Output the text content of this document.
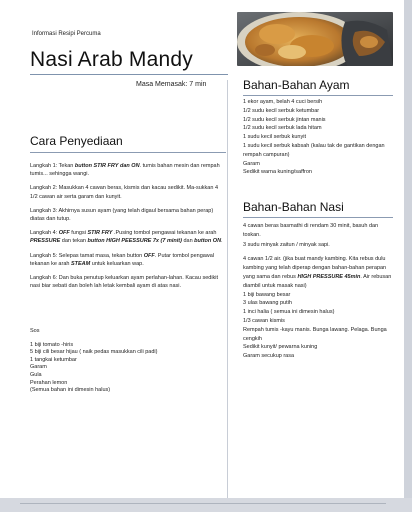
Informasi Resipi Percuma
Nasi Arab Mandy
Masa Memasak: 7 min
Cara Penyediaan

Langkah 1: Tekan button STIR FRY dan ON. tumis bahan mesin dan rempah tumis... sehingga wangi.

Langkah 2: Masukkan 4 cawan beras, kismis dan kacau sedikit. Ma-sukkan 4 1/2 cawan air serta garam dan kunyit.

Langkah 3: Akhirnya susun ayam (yang telah digaul bersama bahan perap) diatas dan tutup.

Langkah 4: OFF fungsi STIR FRY .Pusing tombol pengawai tekanan ke arah PRESSURE dan tekan button HIGH PEESSURE 7x (7 minit) dan button ON.

Langkah 5: Selepas tamat masa, tekan button OFF. Putar tombol pengawal tekanan ke arah STEAM untuk keluarkan wap.

Langkah 6: Dan buka penutup keluarkan ayam perlahan-lahan. Kacau sedikit nasi biar sebati dan boleh lah letak kembali ayam di atas nasi.

Sos
1 biji tomato -hiris
5 biji cili besar hijau ( naik pedas masukkan cili padi)
1 tangkai ketumbar
Garam
Gula
Perahan lemon
(Semua bahan ini dimesin halus)
Bahan-Bahan Ayam
1 ekor ayam, belah 4 cuci bersih
1/2 sudu kecil serbuk ketumbar
1/2 sudu kecil serbuk jintan manis
1/2 sudu kecil serbuk lada hitam
1 sudu kecil serbuk kunyit
1 sudu kecil serbuk kabsah (kalau tak de gantikan dengan rempah campuran)
Garam
Sedikit warna kuning/saffron
Bahan-Bahan Nasi
4 cawan beras basmathi di rendam 30 minit, basuh dan toskan.
3 sudu minyak zaitun / minyak sapi.
4 cawan 1/2 air. (jika buat mandy kambing. Kita rebus dulu kambing yang telah diperap dengan bahan-bahan perapan yang sama dan rebus HIGH PRESSURE 45min. Air rebusan diambil untuk masak nasi)
1 biji bawang besar
3 ulas bawang putih
1 inci halia ( semua ini dimesin halus)
1/3 cawan kismis
Rempah tumis -kayu manis. Bunga lawang. Pelaga. Bunga cengkih
Sedikit kunyit/ pewarna kuning
Garam secukup rasa
